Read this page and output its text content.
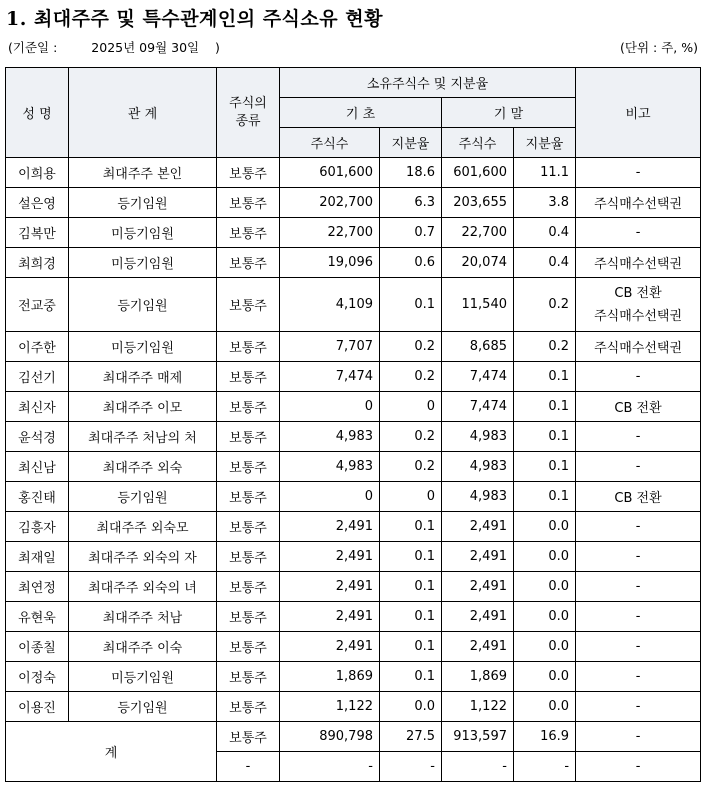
1. 최대주주 및 특수관계인의 주식소유 현황
(기준일 :	2025년 09월 30일 )	(단위 : 주, %)
성 명	관 계	주식의 종류	소유주식수 및 지분율				비고
			기 초		기 말		
			주식수	지분율	주식수	지분율	
이희용	최대주주 본인	보통주	601,600	18.6	601,600	11.1	-
설은영	등기임원	보통주	202,700	6.3	203,655	3.8	주식매수선택권
김복만	미등기임원	보통주	22,700	0.7	22,700	0.4	-
최희경	미등기임원	보통주	19,096	0.6	20,074	0.4	주식매수선택권
전교중	등기임원	보통주	4,109	0.1	11,540	0.2	CB 전환
주식매수선택권

이주한	미등기임원	보통주	7,707	0.2	8,685	0.2	주식매수선택권
김선기	최대주주 매제	보통주	7,474	0.2	7,474	0.1	-
최신자	최대주주 이모	보통주	0	0	7,474	0.1	CB 전환
윤석경	최대주주 처남의 처	보통주	4,983	0.2	4,983	0.1	-
최신남	최대주주 외숙	보통주	4,983	0.2	4,983	0.1	-
홍진태	등기임원	보통주	0	0	4,983	0.1	CB 전환
김흥자	최대주주 외숙모	보통주	2,491	0.1	2,491	0.0	-
최재일	최대주주 외숙의 자	보통주	2,491	0.1	2,491	0.0	-
최연정	최대주주 외숙의 녀	보통주	2,491	0.1	2,491	0.0	-
유현욱	최대주주 처남	보통주	2,491	0.1	2,491	0.0	-
이종칠	최대주주 이숙	보통주	2,491	0.1	2,491	0.0	-
이정숙	미등기임원	보통주	1,869	0.1	1,869	0.0	-
이용진	등기임원	보통주	1,122	0.0	1,122	0.0	-
계		보통주	890,798	27.5	913,597	16.9	-
		-	-	-	-	-	-
